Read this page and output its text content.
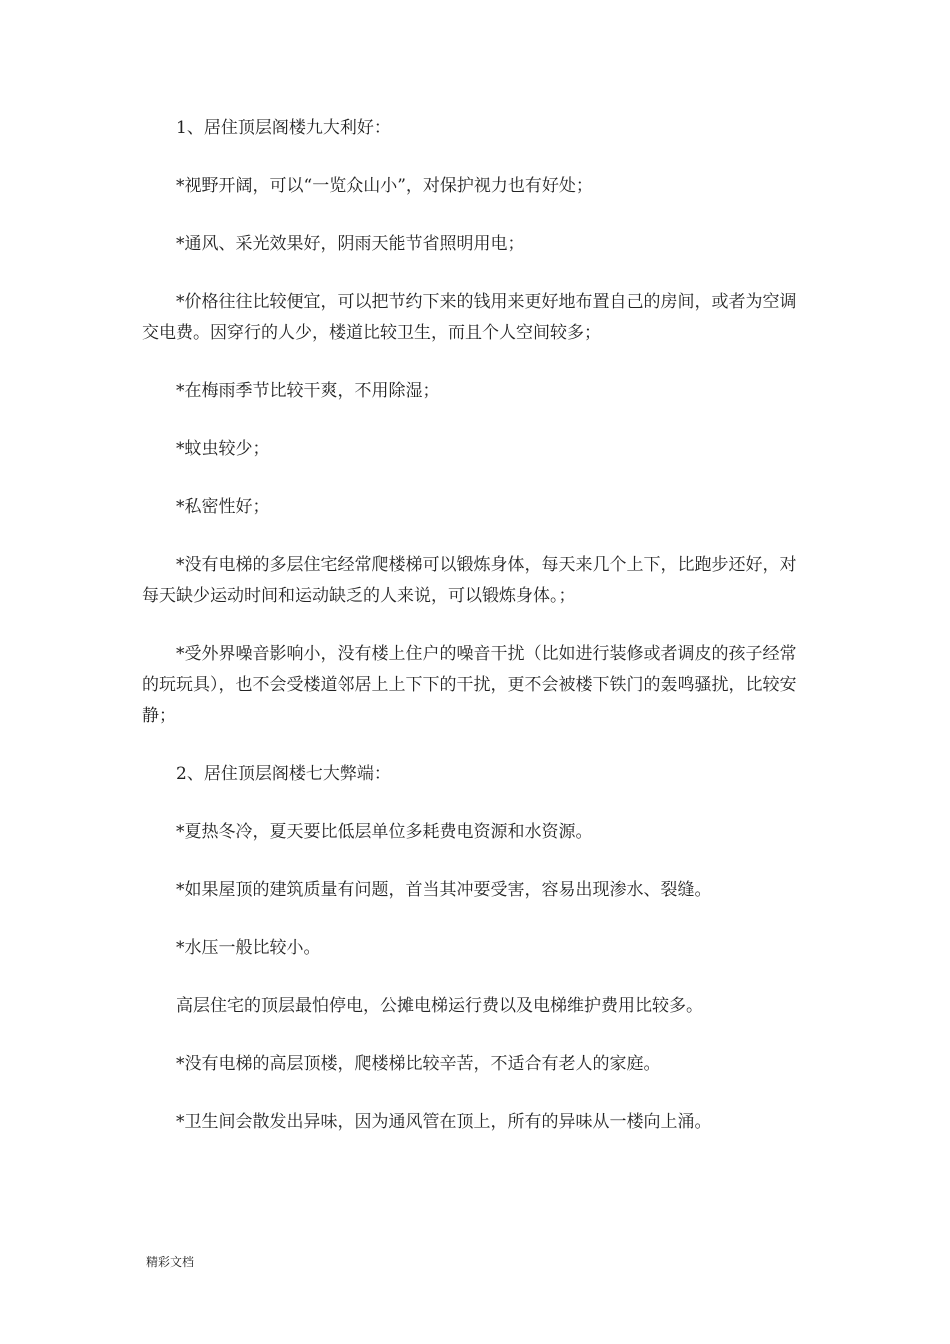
1、居住顶层阁楼九大利好：

*视野开阔，可以“一览众山小”，对保护视力也有好处；

*通风、采光效果好，阴雨天能节省照明用电；

*价格往往比较便宜，可以把节约下来的钱用来更好地布置自己的房间，或者为空调交电费。因穿行的人少，楼道比较卫生，而且个人空间较多；

*在梅雨季节比较干爽，不用除湿；

*蚊虫较少；

*私密性好；

*没有电梯的多层住宅经常爬楼梯可以锻炼身体，每天来几个上下，比跑步还好，对每天缺少运动时间和运动缺乏的人来说，可以锻炼身体。；

*受外界噪音影响小，没有楼上住户的噪音干扰（比如进行装修或者调皮的孩子经常的玩玩具），也不会受楼道邻居上上下下的干扰，更不会被楼下铁门的轰鸣骚扰，比较安静；

2、居住顶层阁楼七大弊端：

*夏热冬冷，夏天要比低层单位多耗费电资源和水资源。

*如果屋顶的建筑质量有问题，首当其冲要受害，容易出现渗水、裂缝。

*水压一般比较小。

高层住宅的顶层最怕停电，公摊电梯运行费以及电梯维护费用比较多。

*没有电梯的高层顶楼，爬楼梯比较辛苦，不适合有老人的家庭。

*卫生间会散发出异味，因为通风管在顶上，所有的异味从一楼向上涌。

精彩文档
